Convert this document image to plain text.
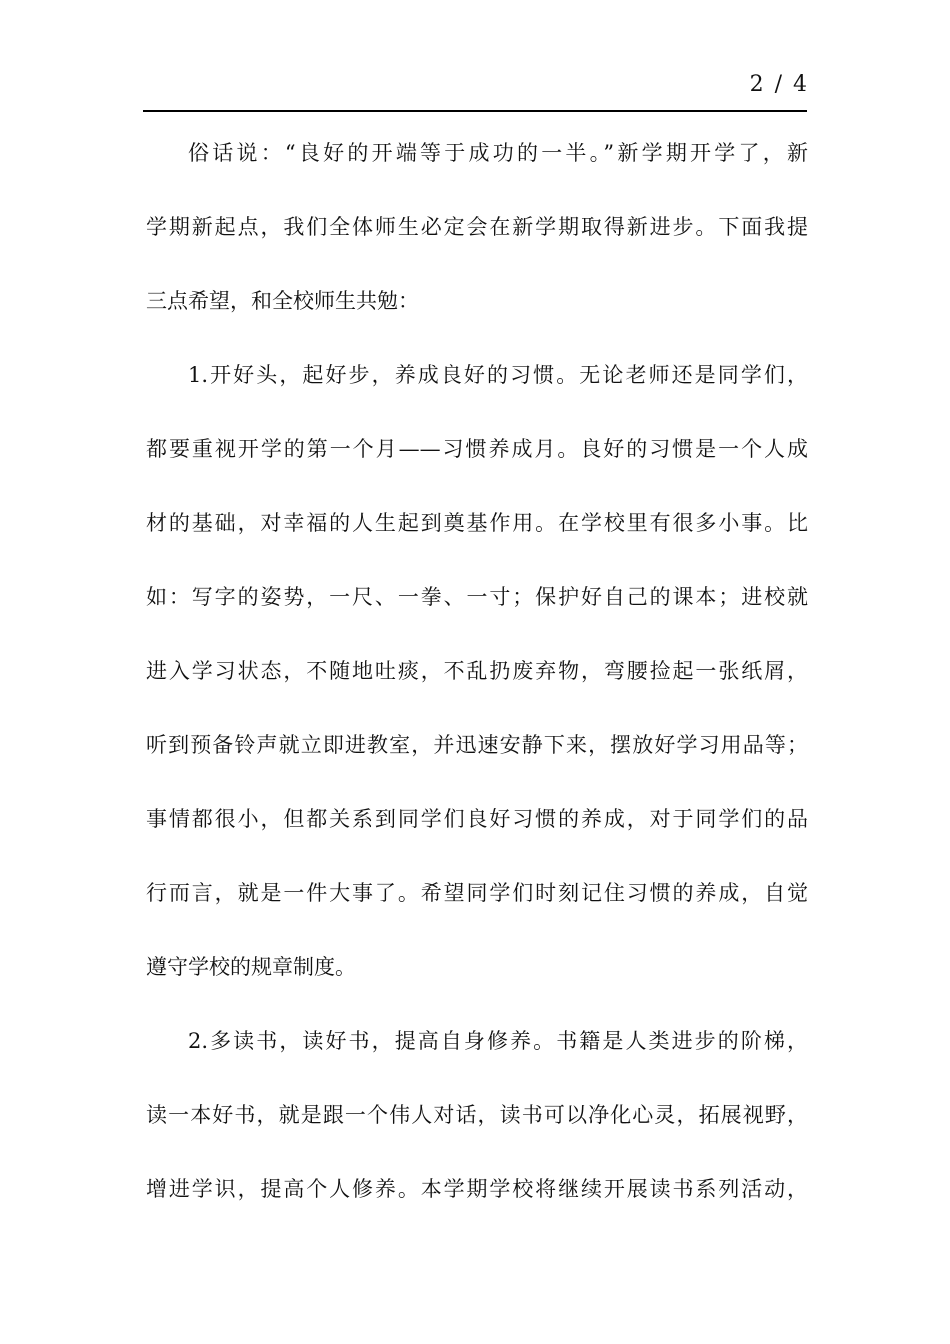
2 / 4
俗话说：“良好的开端等于成功的一半。”新学期开学了，新
学期新起点，我们全体师生必定会在新学期取得新进步。下面我提
三点希望，和全校师生共勉：
1.开好头，起好步，养成良好的习惯。无论老师还是同学们，
都要重视开学的第一个月——习惯养成月。良好的习惯是一个人成
材的基础，对幸福的人生起到奠基作用。在学校里有很多小事。比
如：写字的姿势，一尺、一拳、一寸；保护好自己的课本；进校就
进入学习状态，不随地吐痰，不乱扔废弃物，弯腰捡起一张纸屑，
听到预备铃声就立即进教室，并迅速安静下来，摆放好学习用品等；
事情都很小，但都关系到同学们良好习惯的养成，对于同学们的品
行而言，就是一件大事了。希望同学们时刻记住习惯的养成，自觉
遵守学校的规章制度。
2.多读书，读好书，提高自身修养。书籍是人类进步的阶梯，
读一本好书，就是跟一个伟人对话，读书可以净化心灵，拓展视野，
增进学识，提高个人修养。本学期学校将继续开展读书系列活动，
